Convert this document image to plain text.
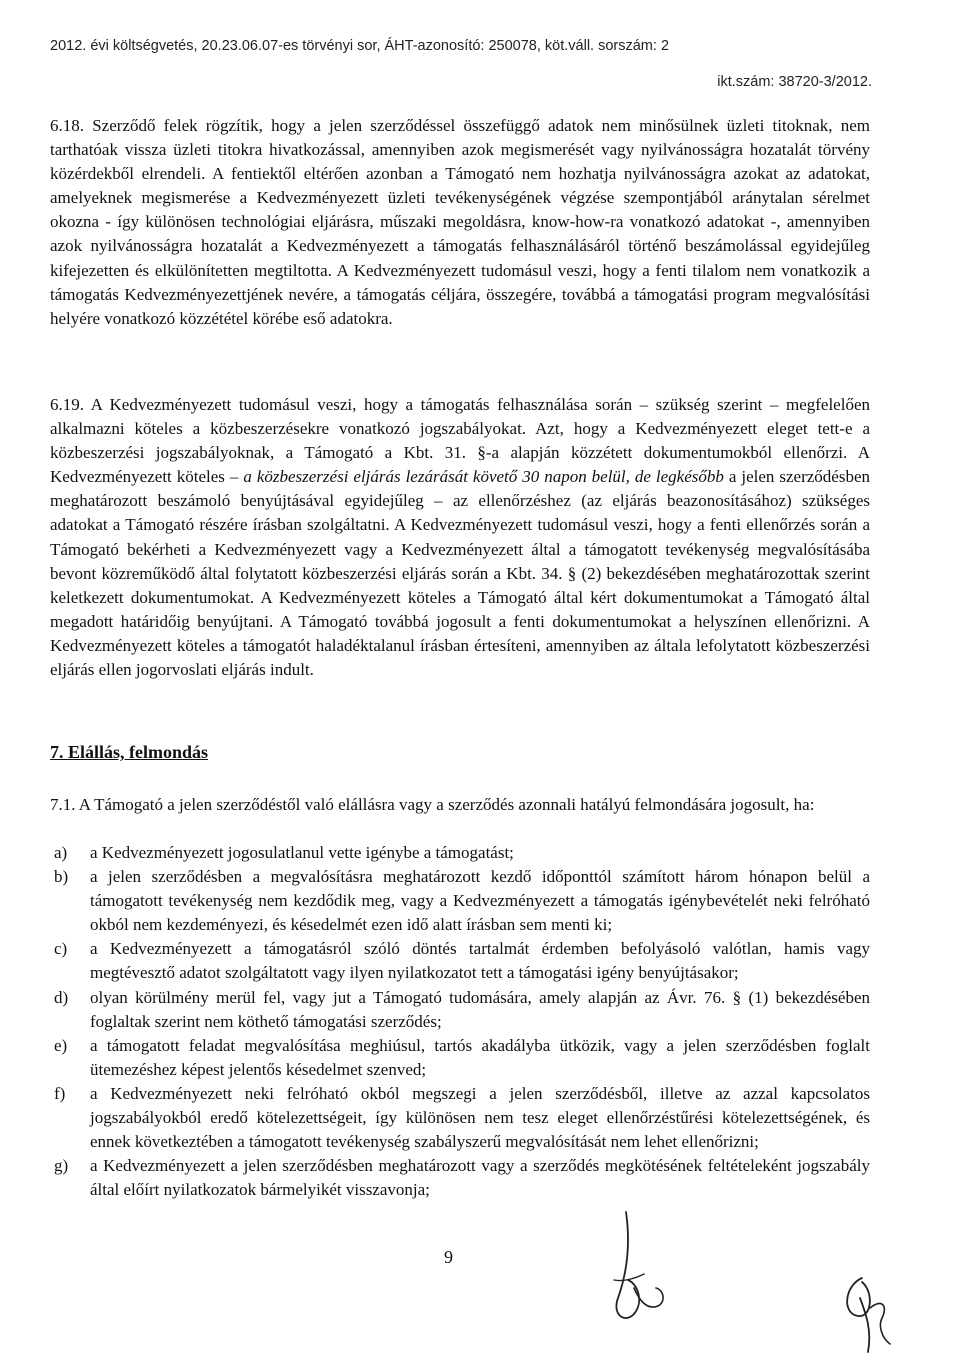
2012. évi költségvetés, 20.23.06.07-es törvényi sor, ÁHT-azonosító: 250078, köt.váll. sorszám: 2
ikt.szám: 38720-3/2012.

6.18. Szerződő felek rögzítik, hogy a jelen szerződéssel összefüggő adatok nem minősülnek üzleti titoknak, nem tarthatóak vissza üzleti titokra hivatkozással, amennyiben azok megismerését vagy nyilvánosságra hozatalát törvény közérdekből elrendeli. A fentiektől eltérően azonban a Támogató nem hozhatja nyilvánosságra azokat az adatokat, amelyeknek megismerése a Kedvezményezett üzleti tevékenységének végzése szempontjából aránytalan sérelmet okozna - így különösen technológiai eljárásra, műszaki megoldásra, know-how-ra vonatkozó adatokat -, amennyiben azok nyilvánosságra hozatalát a Kedvezményezett a támogatás felhasználásáról történő beszámolással egyidejűleg kifejezetten és elkülönítetten megtiltotta. A Kedvezményezett tudomásul veszi, hogy a fenti tilalom nem vonatkozik a támogatás Kedvezményezettjének nevére, a támogatás céljára, összegére, továbbá a támogatási program megvalósítási helyére vonatkozó közzététel körébe eső adatokra.

6.19. A Kedvezményezett tudomásul veszi, hogy a támogatás felhasználása során – szükség szerint – megfelelően alkalmazni köteles a közbeszerzésekre vonatkozó jogszabályokat. Azt, hogy a Kedvezményezett eleget tett-e a közbeszerzési jogszabályoknak, a Támogató a Kbt. 31. §-a alapján közzétett dokumentumokból ellenőrzi. A Kedvezményezett köteles – a közbeszerzési eljárás lezárását követő 30 napon belül, de legkésőbb a jelen szerződésben meghatározott beszámoló benyújtásával egyidejűleg – az ellenőrzéshez (az eljárás beazonosításához) szükséges adatokat a Támogató részére írásban szolgáltatni. A Kedvezményezett tudomásul veszi, hogy a fenti ellenőrzés során a Támogató bekérheti a Kedvezményezett vagy a Kedvezményezett által a támogatott tevékenység megvalósításába bevont közreműködő által folytatott közbeszerzési eljárás során a Kbt. 34. § (2) bekezdésében meghatározottak szerint keletkezett dokumentumokat. A Kedvezményezett köteles a Támogató által kért dokumentumokat a Támogató által megadott határidőig benyújtani. A Támogató továbbá jogosult a fenti dokumentumokat a helyszínen ellenőrizni. A Kedvezményezett köteles a támogatót haladéktalanul írásban értesíteni, amennyiben az általa lefolytatott közbeszerzési eljárás ellen jogorvoslati eljárás indult.

7. Elállás, felmondás

7.1. A Támogató a jelen szerződéstől való elállásra vagy a szerződés azonnali hatályú felmondására jogosult, ha:

a)	a Kedvezményezett jogosulatlanul vette igénybe a támogatást;
b)	a jelen szerződésben a megvalósításra meghatározott kezdő időponttól számított három hónapon belül a támogatott tevékenység nem kezdődik meg, vagy a Kedvezményezett a támogatás igénybevételét neki felróható okból nem kezdeményezi, és késedelmét ezen idő alatt írásban sem menti ki;
c)	a Kedvezményezett a támogatásról szóló döntés tartalmát érdemben befolyásoló valótlan, hamis vagy megtévesztő adatot szolgáltatott vagy ilyen nyilatkozatot tett a támogatási igény benyújtásakor;
d)	olyan körülmény merül fel, vagy jut a Támogató tudomására, amely alapján az Ávr. 76. § (1) bekezdésében foglaltak szerint nem köthető támogatási szerződés;
e)	a támogatott feladat megvalósítása meghiúsul, tartós akadályba ütközik, vagy a jelen szerződésben foglalt ütemezéshez képest jelentős késedelmet szenved;
f)	a Kedvezményezett neki felróható okból megszegi a jelen szerződésből, illetve az azzal kapcsolatos jogszabályokból eredő kötelezettségeit, így különösen nem tesz eleget ellenőrzéstűrési kötelezettségének, és ennek következtében a támogatott tevékenység szabályszerű megvalósítását nem lehet ellenőrizni;
g)	a Kedvezményezett a jelen szerződésben meghatározott vagy a szerződés megkötésének feltételeként jogszabály által előírt nyilatkozatok bármelyikét visszavonja;
9
